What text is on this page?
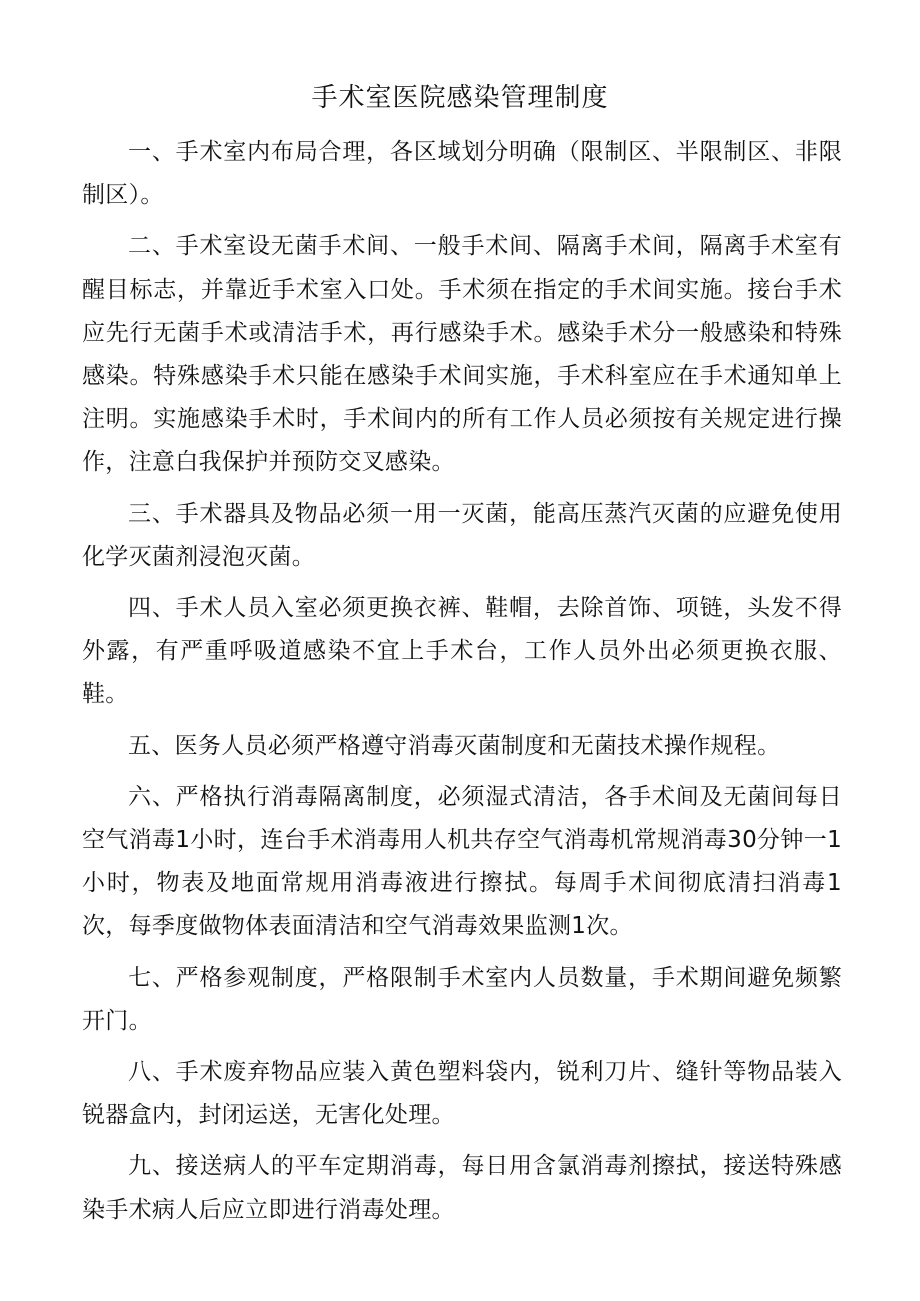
手术室医院感染管理制度

一、手术室内布局合理，各区域划分明确（限制区、半限制区、非限制区）。

二、手术室设无菌手术间、一般手术间、隔离手术间，隔离手术室有醒目标志，并靠近手术室入口处。手术须在指定的手术间实施。接台手术应先行无菌手术或清洁手术，再行感染手术。感染手术分一般感染和特殊感染。特殊感染手术只能在感染手术间实施，手术科室应在手术通知单上注明。实施感染手术时，手术间内的所有工作人员必须按有关规定进行操作，注意白我保护并预防交叉感染。

三、手术器具及物品必须一用一灭菌，能高压蒸汽灭菌的应避免使用化学灭菌剂浸泡灭菌。

四、手术人员入室必须更换衣裤、鞋帽，去除首饰、项链，头发不得外露，有严重呼吸道感染不宜上手术台，工作人员外出必须更换衣服、鞋。

五、医务人员必须严格遵守消毒灭菌制度和无菌技术操作规程。

六、严格执行消毒隔离制度，必须湿式清洁，各手术间及无菌间每日空气消毒1小时，连台手术消毒用人机共存空气消毒机常规消毒30分钟一1小时，物表及地面常规用消毒液进行擦拭。每周手术间彻底清扫消毒1次，每季度做物体表面清洁和空气消毒效果监测1次。

七、严格参观制度，严格限制手术室内人员数量，手术期间避免频繁开门。

八、手术废弃物品应装入黄色塑料袋内，锐利刀片、缝针等物品装入锐器盒内，封闭运送，无害化处理。

九、接送病人的平车定期消毒，每日用含氯消毒剂擦拭，接送特殊感染手术病人后应立即进行消毒处理。
